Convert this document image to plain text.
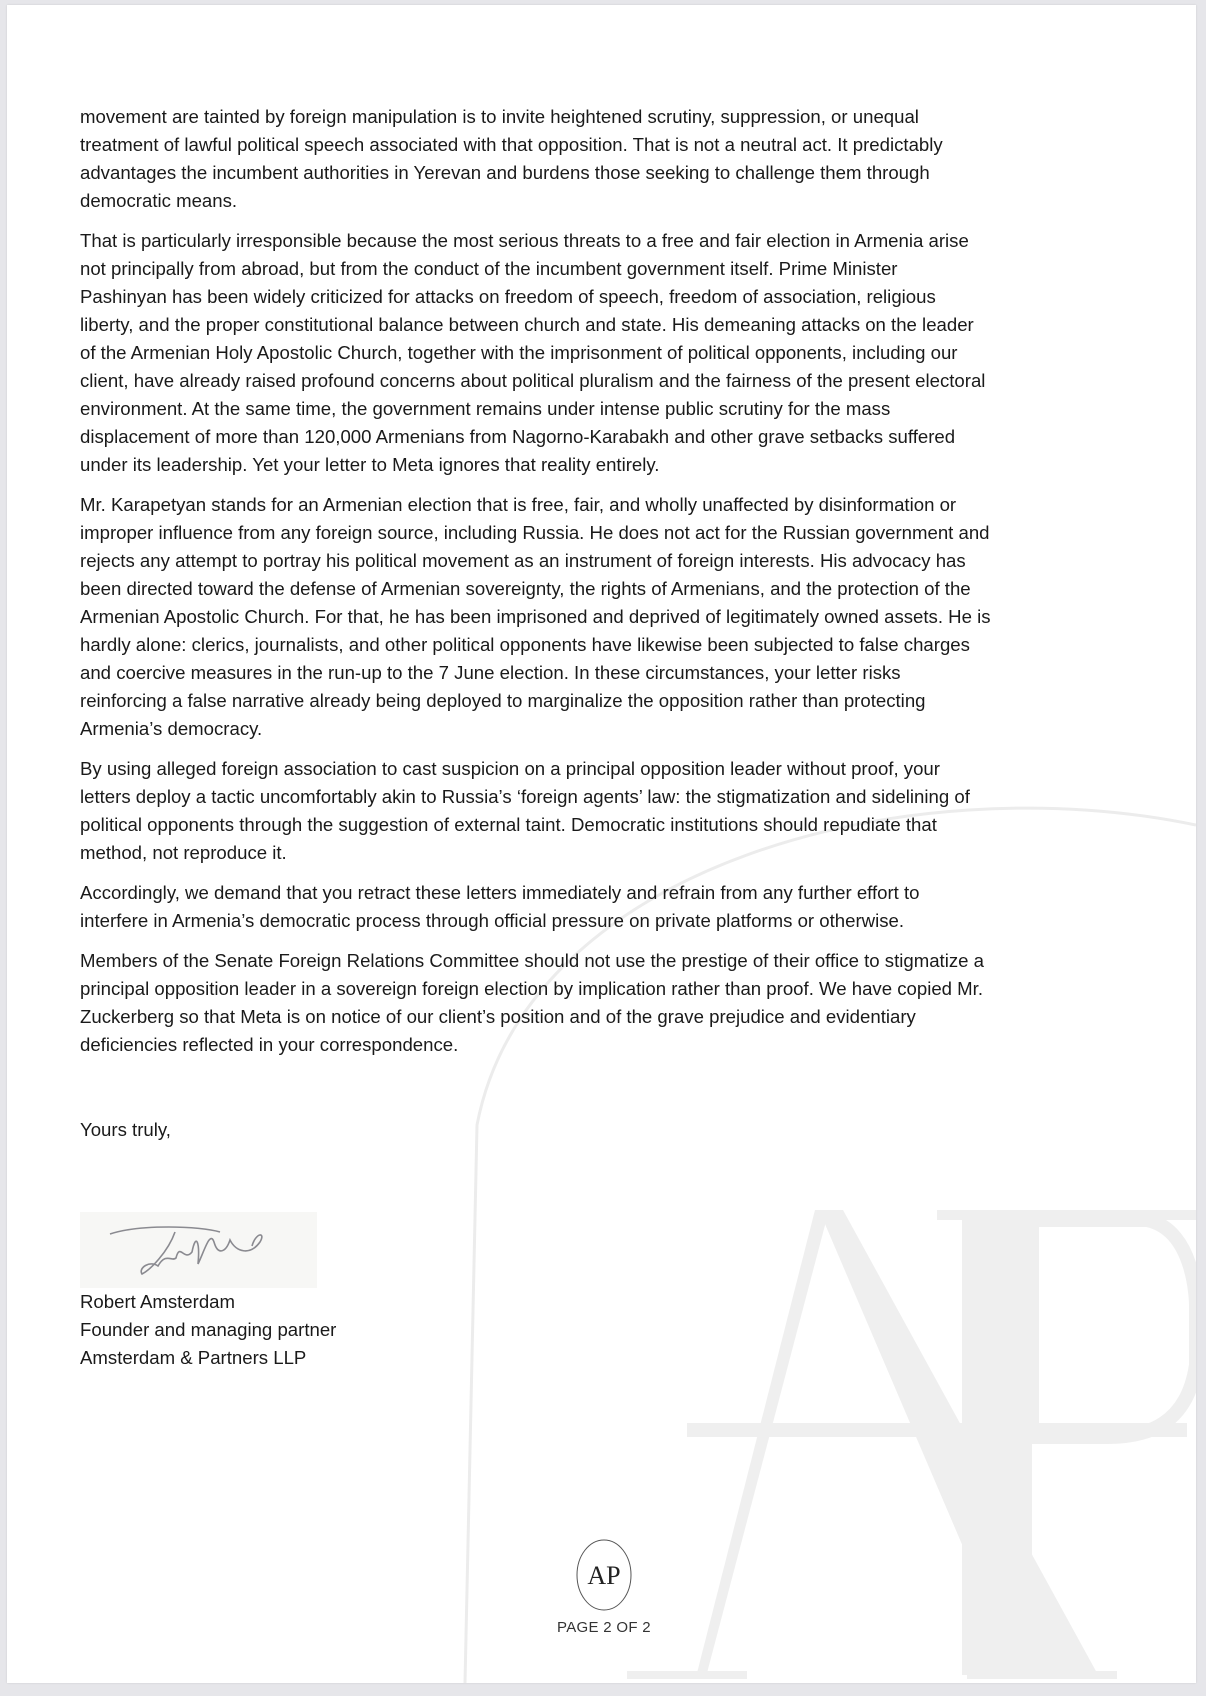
movement are tainted by foreign manipulation is to invite heightened scrutiny, suppression, or unequal
treatment of lawful political speech associated with that opposition. That is not a neutral act. It predictably
advantages the incumbent authorities in Yerevan and burdens those seeking to challenge them through
democratic means.
That is particularly irresponsible because the most serious threats to a free and fair election in Armenia arise
not principally from abroad, but from the conduct of the incumbent government itself. Prime Minister
Pashinyan has been widely criticized for attacks on freedom of speech, freedom of association, religious
liberty, and the proper constitutional balance between church and state. His demeaning attacks on the leader
of the Armenian Holy Apostolic Church, together with the imprisonment of political opponents, including our
client, have already raised profound concerns about political pluralism and the fairness of the present electoral
environment. At the same time, the government remains under intense public scrutiny for the mass
displacement of more than 120,000 Armenians from Nagorno-Karabakh and other grave setbacks suffered
under its leadership. Yet your letter to Meta ignores that reality entirely.
Mr. Karapetyan stands for an Armenian election that is free, fair, and wholly unaffected by disinformation or
improper influence from any foreign source, including Russia. He does not act for the Russian government and
rejects any attempt to portray his political movement as an instrument of foreign interests. His advocacy has
been directed toward the defense of Armenian sovereignty, the rights of Armenians, and the protection of the
Armenian Apostolic Church. For that, he has been imprisoned and deprived of legitimately owned assets. He is
hardly alone: clerics, journalists, and other political opponents have likewise been subjected to false charges
and coercive measures in the run-up to the 7 June election. In these circumstances, your letter risks
reinforcing a false narrative already being deployed to marginalize the opposition rather than protecting
Armenia’s democracy.
By using alleged foreign association to cast suspicion on a principal opposition leader without proof, your
letters deploy a tactic uncomfortably akin to Russia’s ‘foreign agents’ law: the stigmatization and sidelining of
political opponents through the suggestion of external taint. Democratic institutions should repudiate that
method, not reproduce it.
Accordingly, we demand that you retract these letters immediately and refrain from any further effort to
interfere in Armenia’s democratic process through official pressure on private platforms or otherwise.
Members of the Senate Foreign Relations Committee should not use the prestige of their office to stigmatize a
principal opposition leader in a sovereign foreign election by implication rather than proof. We have copied Mr.
Zuckerberg so that Meta is on notice of our client’s position and of the grave prejudice and evidentiary
deficiencies reflected in your correspondence.
Yours truly,
Robert Amsterdam
Founder and managing partner
Amsterdam & Partners LLP
AP
PAGE 2 OF 2
